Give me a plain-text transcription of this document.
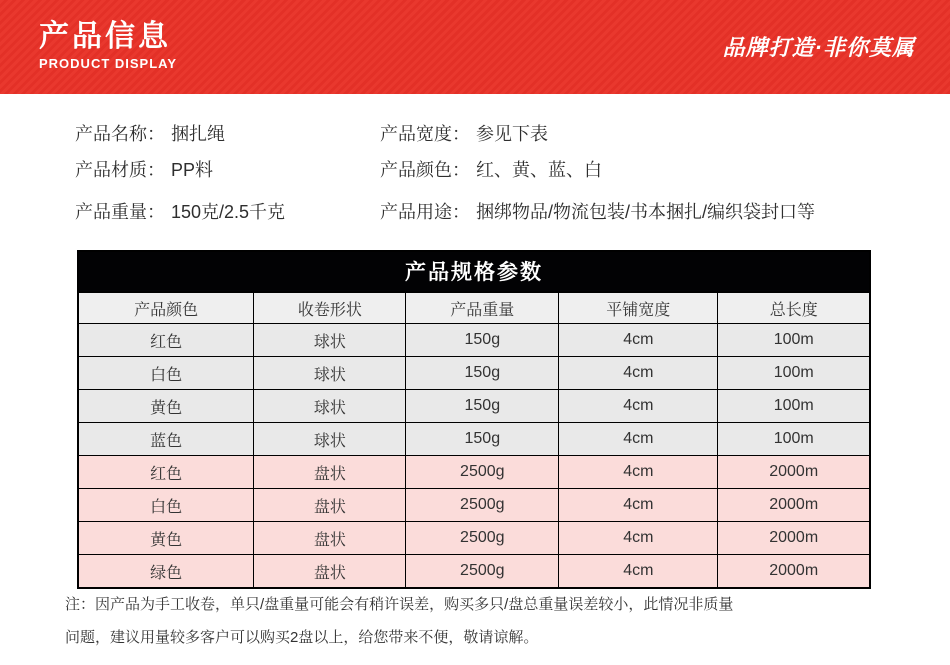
产品信息
PRODUCT DISPLAY
品牌打造·非你莫属
产品名称： 捆扎绳	产品宽度： 参见下表
产品材质： PP料	产品颜色： 红、黄、蓝、白
产品重量： 150克/2.5千克	产品用途： 捆绑物品/物流包装/书本捆扎/编织袋封口等
产品规格参数
产品颜色	收卷形状	产品重量	平铺宽度	总长度
红色	球状	150g	4cm	100m
白色	球状	150g	4cm	100m
黄色	球状	150g	4cm	100m
蓝色	球状	150g	4cm	100m
红色	盘状	2500g	4cm	2000m
白色	盘状	2500g	4cm	2000m
黄色	盘状	2500g	4cm	2000m
绿色	盘状	2500g	4cm	2000m
注：因产品为手工收卷，单只/盘重量可能会有稍许误差，购买多只/盘总重量误差较小，此情况非质量
问题，建议用量较多客户可以购买2盘以上，给您带来不便，敬请谅解。
